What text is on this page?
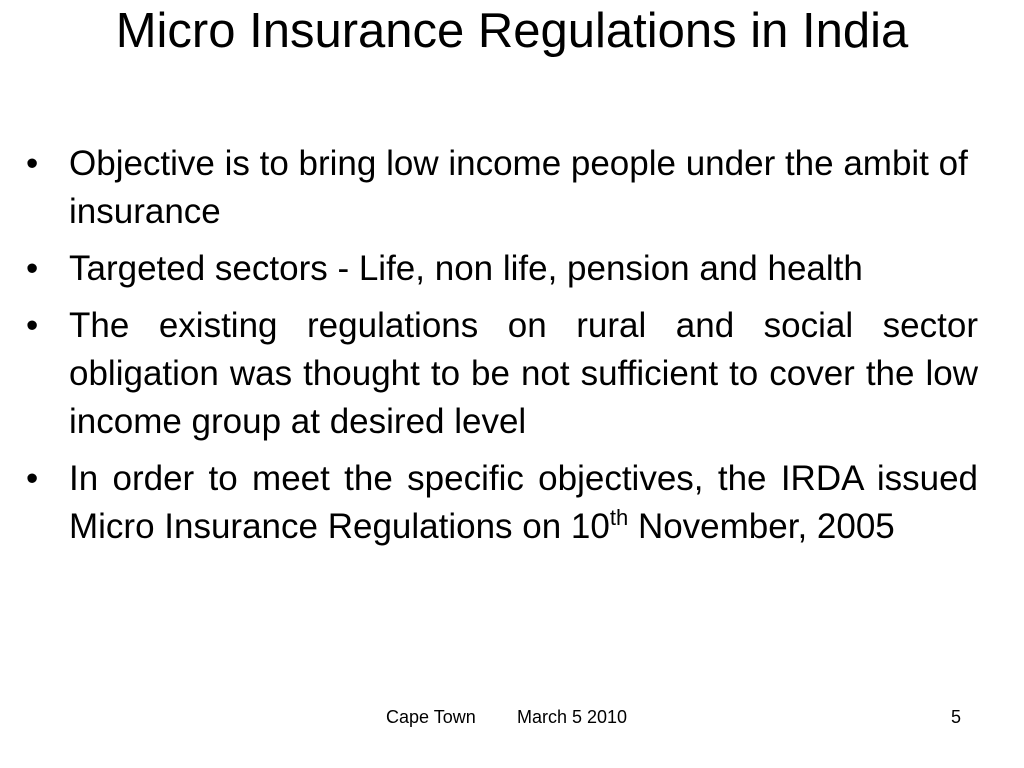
Micro Insurance Regulations in India
• Objective is to bring low income people under the ambit of insurance
• Targeted sectors - Life, non life, pension and health
• The existing regulations on rural and social sector obligation was thought to be not sufficient to cover the low income group at desired level
• In order to meet the specific objectives, the IRDA issued Micro Insurance Regulations on 10th November, 2005
Cape Town March 5 2010	5
